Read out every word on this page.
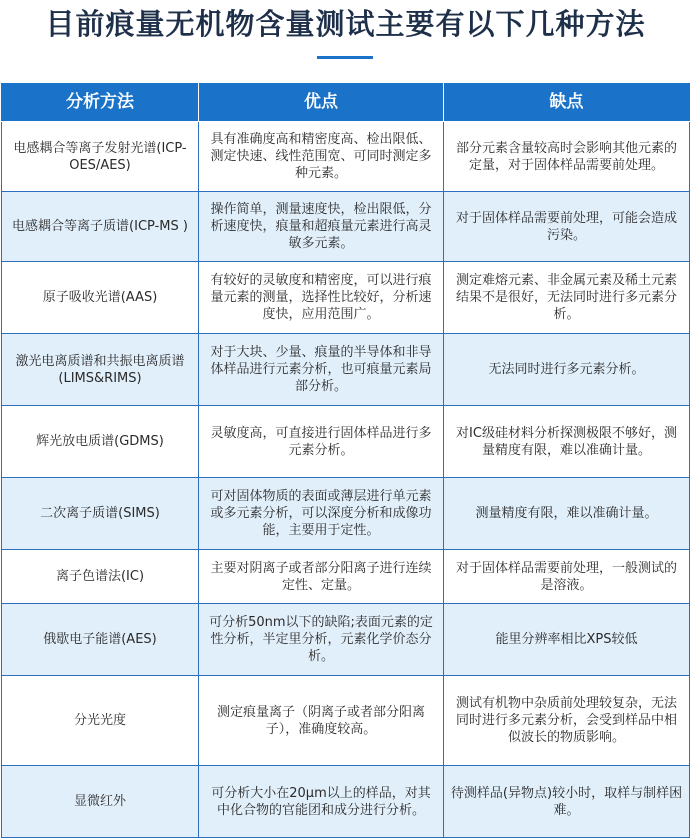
目前痕量无机物含量测试主要有以下几种方法
分析方法	优点	缺点
电感耦合等离子发射光谱(ICP-OES/AES)	具有准确度高和精密度高、检出限低、测定快速、线性范围宽、可同时测定多种元素。	部分元素含量较高时会影响其他元素的定量，对于固体样品需要前处理。
电感耦合等离子质谱(ICP-MS )	操作简单，测量速度快，检出限低，分析速度快，痕量和超痕量元素进行高灵敏多元素。	对于固体样品需要前处理，可能会造成污染。
原子吸收光谱(AAS)	有较好的灵敏度和精密度，可以进行痕量元素的测量，选择性比较好，分析速度快，应用范围广。	测定难熔元素、非金属元素及稀土元素结果不是很好，无法同时进行多元素分析。
激光电离质谱和共振电离质谱(LIMS&RIMS)	对于大块、少量、痕量的半导体和非导体样品进行元素分析，也可痕量元素局部分析。	无法同时进行多元素分析。
辉光放电质谱(GDMS)	灵敏度高，可直接进行固体样品进行多元素分析。	对IC级硅材料分析探测极限不够好，测量精度有限，难以准确计量。
二次离子质谱(SIMS)	可对固体物质的表面或薄层进行单元素或多元素分析，可以深度分析和成像功能，主要用于定性。	测量精度有限，难以准确计量。
离子色谱法(IC)	主要对阴离子或者部分阳离子进行连续定性、定量。	对于固体样品需要前处理，一般测试的是溶液。
俄歇电子能谱(AES)	可分析50nm以下的缺陷;表面元素的定性分析，半定里分析，元素化学价态分析。	能里分辨率相比XPS较低
分光光度	测定痕量离子（阴离子或者部分阳离子），准确度较高。	测试有机物中杂质前处理较复杂，无法同时进行多元素分析，会受到样品中相似波长的物质影响。
显微红外	可分析大小在20μm以上的样品，对其中化合物的官能团和成分进行分析。	待测样品(异物点)较小时，取样与制样困难。
